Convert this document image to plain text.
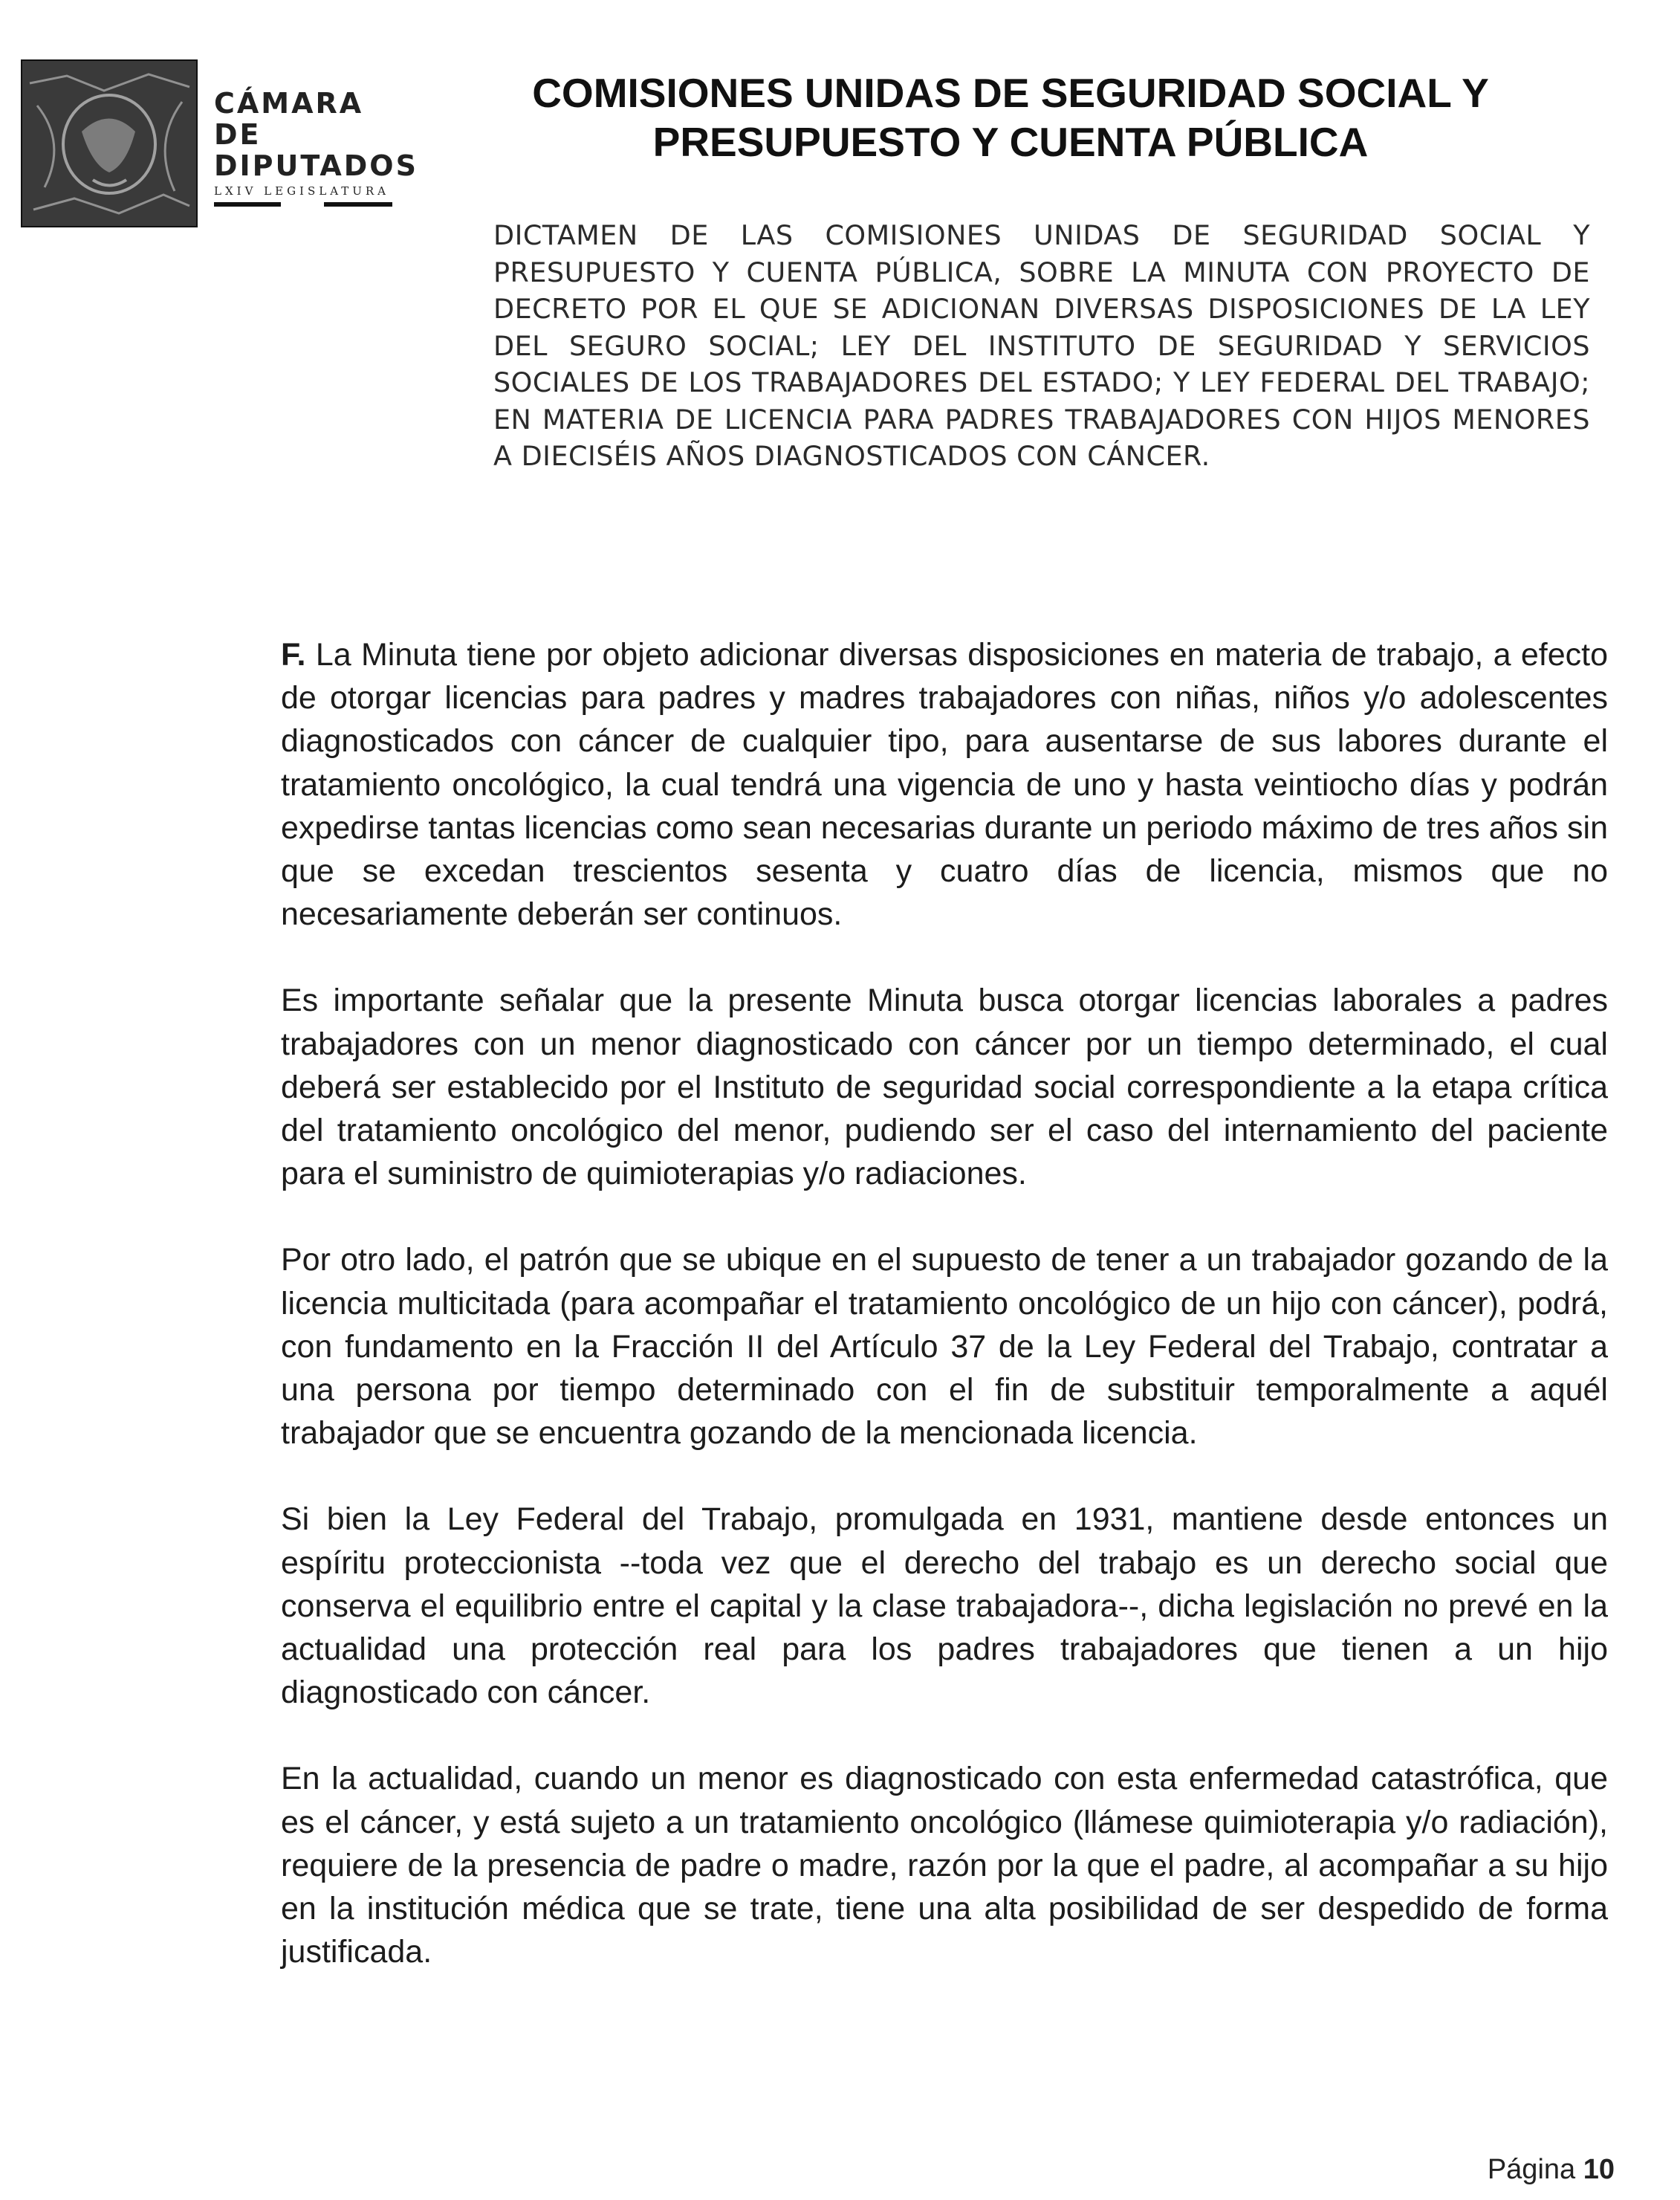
CÁMARA DE
DIPUTADOS
LXIV LEGISLATURA
COMISIONES UNIDAS DE SEGURIDAD SOCIAL Y PRESUPUESTO Y CUENTA PÚBLICA

DICTAMEN DE LAS COMISIONES UNIDAS DE SEGURIDAD SOCIAL Y PRESUPUESTO Y CUENTA PÚBLICA, SOBRE LA MINUTA CON PROYECTO DE DECRETO POR EL QUE SE ADICIONAN DIVERSAS DISPOSICIONES DE LA LEY DEL SEGURO SOCIAL; LEY DEL INSTITUTO DE SEGURIDAD Y SERVICIOS SOCIALES DE LOS TRABAJADORES DEL ESTADO; Y LEY FEDERAL DEL TRABAJO; EN MATERIA DE LICENCIA PARA PADRES TRABAJADORES CON HIJOS MENORES A DIECISÉIS AÑOS DIAGNOSTICADOS CON CÁNCER.

F. La Minuta tiene por objeto adicionar diversas disposiciones en materia de trabajo, a efecto de otorgar licencias para padres y madres trabajadores con niñas, niños y/o adolescentes diagnosticados con cáncer de cualquier tipo, para ausentarse de sus labores durante el tratamiento oncológico, la cual tendrá una vigencia de uno y hasta veintiocho días y podrán expedirse tantas licencias como sean necesarias durante un periodo máximo de tres años sin que se excedan trescientos sesenta y cuatro días de licencia, mismos que no necesariamente deberán ser continuos.

Es importante señalar que la presente Minuta busca otorgar licencias laborales a padres trabajadores con un menor diagnosticado con cáncer por un tiempo determinado, el cual deberá ser establecido por el Instituto de seguridad social correspondiente a la etapa crítica del tratamiento oncológico del menor, pudiendo ser el caso del internamiento del paciente para el suministro de quimioterapias y/o radiaciones.

Por otro lado, el patrón que se ubique en el supuesto de tener a un trabajador gozando de la licencia multicitada (para acompañar el tratamiento oncológico de un hijo con cáncer), podrá, con fundamento en la Fracción II del Artículo 37 de la Ley Federal del Trabajo, contratar a una persona por tiempo determinado con el fin de substituir temporalmente a aquél trabajador que se encuentra gozando de la mencionada licencia.

Si bien la Ley Federal del Trabajo, promulgada en 1931, mantiene desde entonces un espíritu proteccionista --toda vez que el derecho del trabajo es un derecho social que conserva el equilibrio entre el capital y la clase trabajadora--, dicha legislación no prevé en la actualidad una protección real para los padres trabajadores que tienen a un hijo diagnosticado con cáncer.

En la actualidad, cuando un menor es diagnosticado con esta enfermedad catastrófica, que es el cáncer, y está sujeto a un tratamiento oncológico (llámese quimioterapia y/o radiación), requiere de la presencia de padre o madre, razón por la que el padre, al acompañar a su hijo en la institución médica que se trate, tiene una alta posibilidad de ser despedido de forma justificada.

Página 10
